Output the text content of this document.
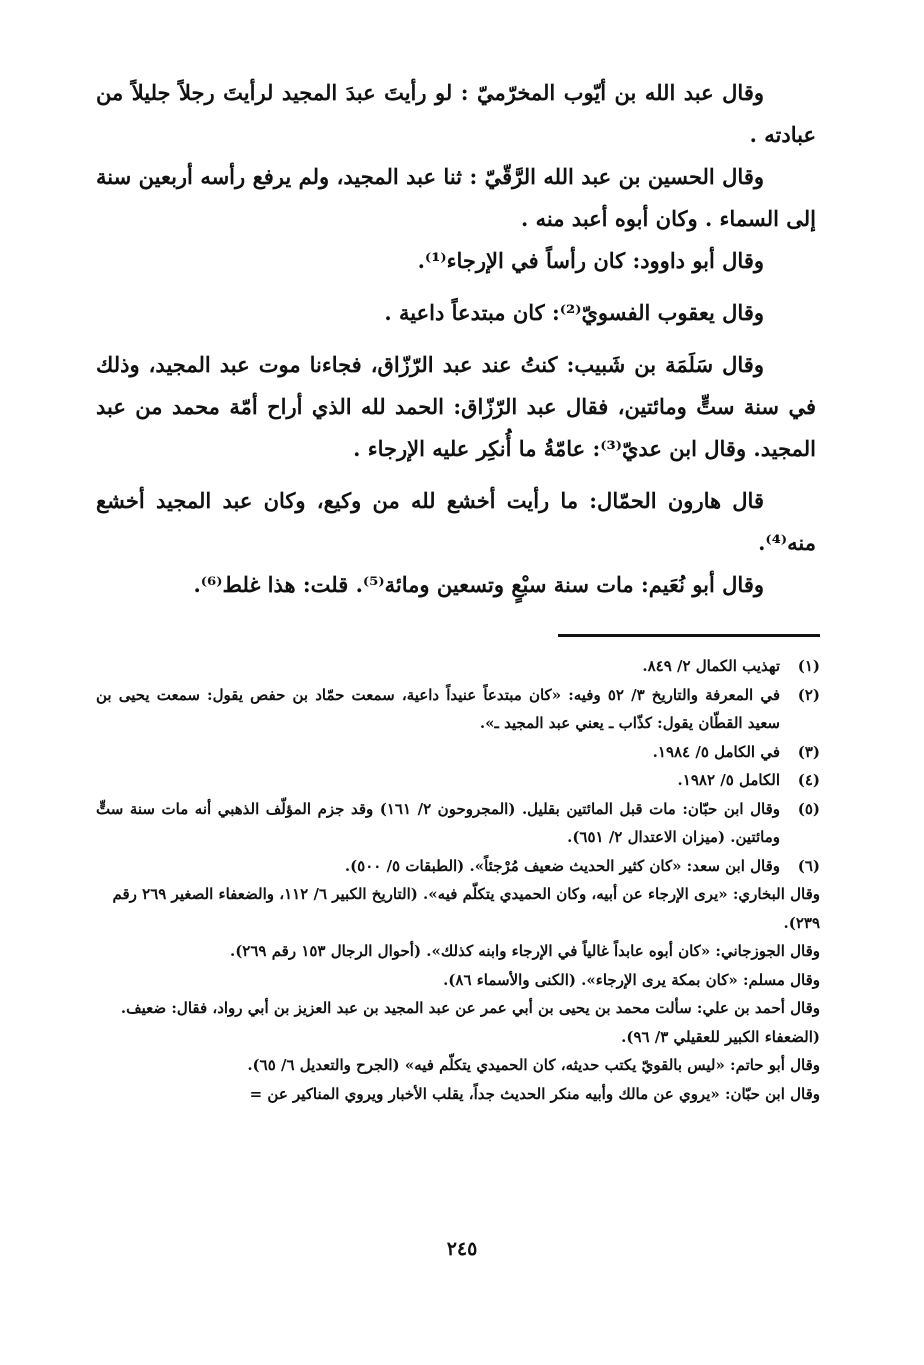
وقال عبد الله بن أيّوب المخرّميّ : لو رأيتَ عبدَ المجيد لرأيتَ رجلاً جليلاً من عبادته .

وقال الحسين بن عبد الله الرَّقّيّ : ثنا عبد المجيد، ولم يرفع رأسه أربعين سنة إلى السماء . وكان أبوه أعبد منه .

وقال أبو داوود: كان رأساً في الإرجاء⁽¹⁾.

وقال يعقوب الفسويّ⁽²⁾: كان مبتدعاً داعية .

وقال سَلَمَة بن شَبيب: كنتُ عند عبد الرّزّاق، فجاءنا موت عبد المجيد، وذلك في سنة ستٍّ ومائتين، فقال عبد الرّزّاق: الحمد لله الذي أراح أمّة محمد من عبد المجيد. وقال ابن عديّ⁽³⁾: عامّةُ ما أُنكِر عليه الإرجاء .

قال هارون الحمّال: ما رأيت أخشع لله من وكيع، وكان عبد المجيد أخشع منه⁽⁴⁾.

وقال أبو نُعَيم: مات سنة سبْعٍ وتسعين ومائة⁽⁵⁾. قلت: هذا غلط⁽⁶⁾.

(١)
تهذيب الكمال ٢/ ٨٤٩.
(٢)
في المعرفة والتاريخ ٣/ ٥٢ وفيه: «كان مبتدعاً عنيداً داعية، سمعت حمّاد بن حفص يقول: سمعت يحيى بن سعيد القطّان يقول: كذّاب ـ يعني عبد المجيد ـ».
(٣)
في الكامل ٥/ ١٩٨٤.
(٤)
الكامل ٥/ ١٩٨٢.
(٥)
وقال ابن حبّان: مات قبل المائتين بقليل. (المجروحون ٢/ ١٦١) وقد جزم المؤلّف الذهبي أنه مات سنة ستٍّ ومائتين. (ميزان الاعتدال ٢/ ٦٥١).
(٦)
وقال ابن سعد: «كان كثير الحديث ضعيف مُرْجئاً». (الطبقات ٥/ ٥٠٠).
وقال البخاري: «يرى الإرجاء عن أبيه، وكان الحميدي يتكلّم فيه». (التاريخ الكبير ٦/ ١١٢، والضعفاء الصغير ٢٦٩ رقم ٢٣٩).
وقال الجوزجاني: «كان أبوه عابداً غالياً في الإرجاء وابنه كذلك». (أحوال الرجال ١٥٣ رقم ٢٦٩).
وقال مسلم: «كان بمكة يرى الإرجاء». (الكنى والأسماء ٨٦).
وقال أحمد بن علي: سألت محمد بن يحيى بن أبي عمر عن عبد المجيد بن عبد العزيز بن أبي رواد، فقال: ضعيف. (الضعفاء الكبير للعقيلي ٣/ ٩٦).
وقال أبو حاتم: «ليس بالقويّ يكتب حديثه، كان الحميدي يتكلّم فيه» (الجرح والتعديل ٦/ ٦٥).
وقال ابن حبّان: «يروي عن مالك وأبيه منكر الحديث جداً، يقلب الأخبار ويروي المناكير عن =
٢٤٥
